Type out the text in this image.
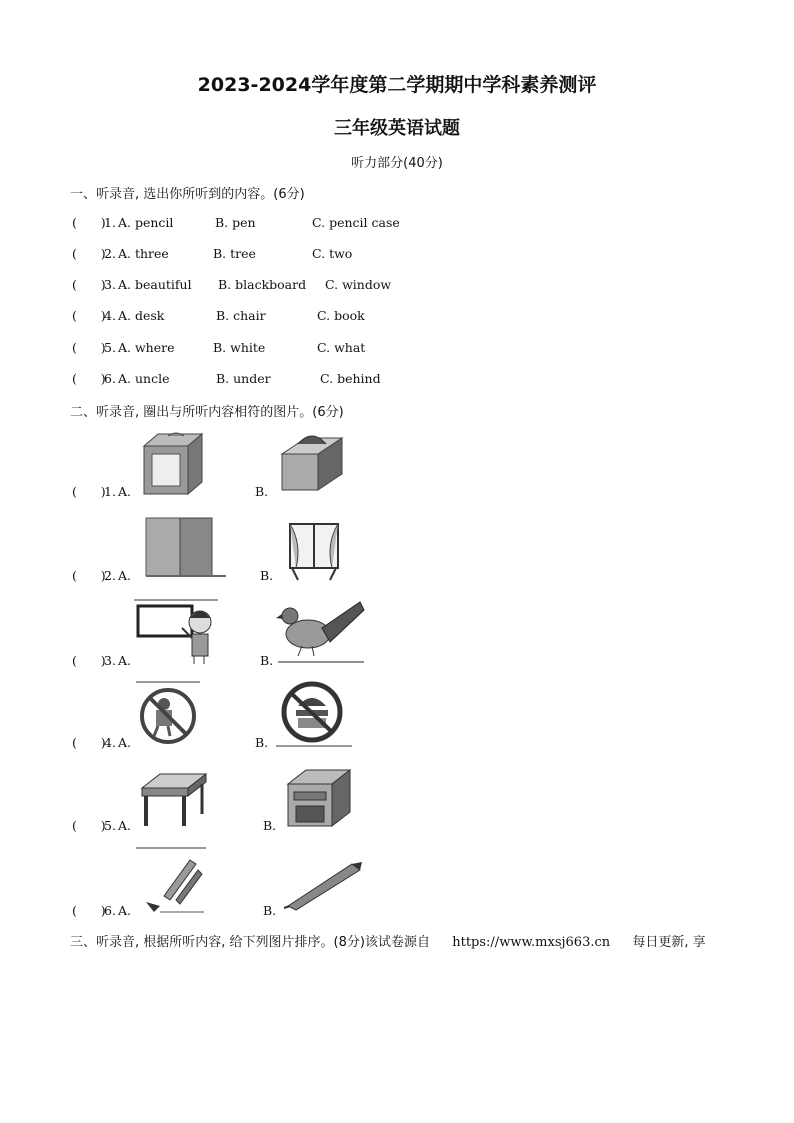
2023-2024学年度第二学期期中学科素养测评
三年级英语试题
听力部分(40分)
一、听录音, 选出你所听到的内容。(6分)
(      )
1. A. pencil	B. pen	C. pencil case
(      )
2. A. three	B. tree	C. two
(      )
3. A. beautiful B. blackboard C. window
(      )
4. A. desk	B. chair	C. book
(      )
5. A. where	B. white	C. what
(      )
6. A. uncle	B. under	C. behind
二、听录音, 圈出与所听内容相符的图片。(6分)
(      )
1. A.	B.
(      )
2. A.	B.
(      )
3. A.	B.
(      )
4. A.	B.
(      )
5. A.	B.
(      )
6. A.	B.
三、听录音, 根据所听内容, 给下列图片排序。(8分)该试卷源自 https://www.mxsj663.cn 每日更新, 享
